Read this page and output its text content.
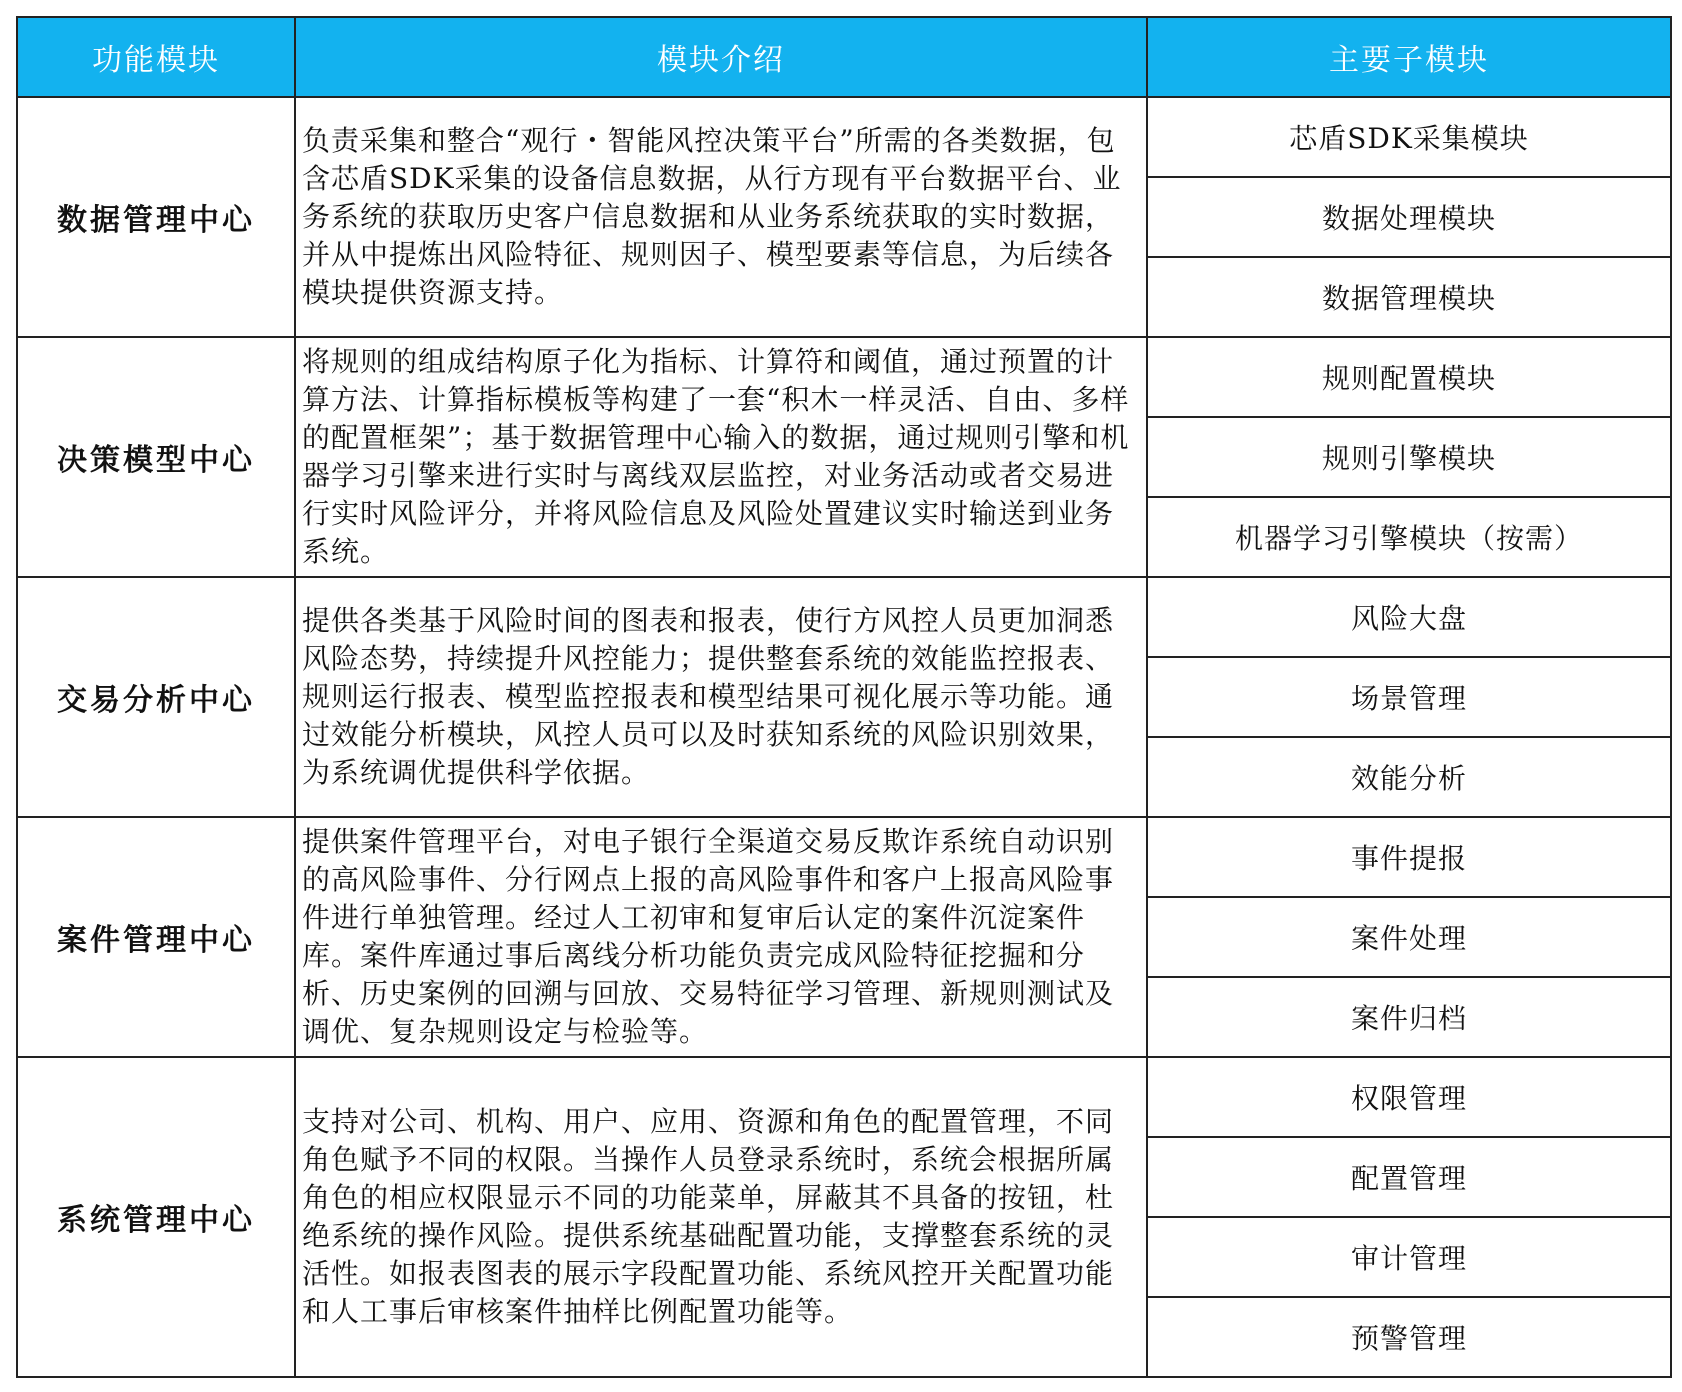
功能模块	模块介绍	主要子模块
数据管理中心	负责采集和整合“观行・智能风控决策平台”所需的各类数据，包含芯盾SDK采集的设备信息数据，从行方现有平台数据平台、业务系统的获取历史客户信息数据和从业务系统获取的实时数据，并从中提炼出风险特征、规则因子、模型要素等信息，为后续各模块提供资源支持。	芯盾SDK采集模块
		数据处理模块
		数据管理模块
决策模型中心	将规则的组成结构原子化为指标、计算符和阈值，通过预置的计算方法、计算指标模板等构建了一套“积木一样灵活、自由、多样的配置框架”；基于数据管理中心输入的数据，通过规则引擎和机器学习引擎来进行实时与离线双层监控，对业务活动或者交易进行实时风险评分，并将风险信息及风险处置建议实时输送到业务系统。	规则配置模块
		规则引擎模块
		机器学习引擎模块（按需）
交易分析中心	提供各类基于风险时间的图表和报表，使行方风控人员更加洞悉风险态势，持续提升风控能力；提供整套系统的效能监控报表、规则运行报表、模型监控报表和模型结果可视化展示等功能。通过效能分析模块，风控人员可以及时获知系统的风险识别效果，为系统调优提供科学依据。	风险大盘
		场景管理
		效能分析
案件管理中心	提供案件管理平台，对电子银行全渠道交易反欺诈系统自动识别的高风险事件、分行网点上报的高风险事件和客户上报高风险事件进行单独管理。经过人工初审和复审后认定的案件沉淀案件库。案件库通过事后离线分析功能负责完成风险特征挖掘和分析、历史案例的回溯与回放、交易特征学习管理、新规则测试及调优、复杂规则设定与检验等。	事件提报
		案件处理
		案件归档
系统管理中心	支持对公司、机构、用户、应用、资源和角色的配置管理，不同角色赋予不同的权限。当操作人员登录系统时，系统会根据所属角色的相应权限显示不同的功能菜单，屏蔽其不具备的按钮，杜绝系统的操作风险。提供系统基础配置功能，支撑整套系统的灵活性。如报表图表的展示字段配置功能、系统风控开关配置功能和人工事后审核案件抽样比例配置功能等。	权限管理
		配置管理
		审计管理
		预警管理
